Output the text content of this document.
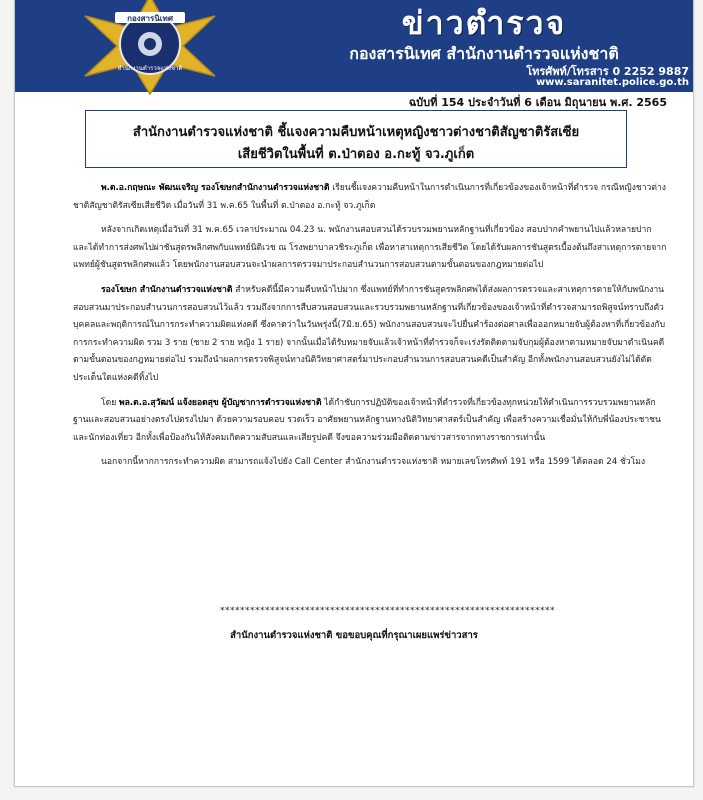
กองสารนิเทศ
สำนักงานตำรวจแห่งชาติ
ข่าวตำรวจ
กองสารนิเทศ สำนักงานตำรวจแห่งชาติ
โทรศัพท์/โทรสาร 0 2252 9887
www.saranitet.police.go.th
ฉบับที่ 154 ประจำวันที่ 6 เดือน มิถุนายน พ.ศ. 2565
สำนักงานตำรวจแห่งชาติ ชี้แจงความคืบหน้าเหตุหญิงชาวต่างชาติสัญชาติรัสเซีย
เสียชีวิตในพื้นที่ ต.ป่าตอง อ.กะทู้ จว.ภูเก็ต

พ.ต.อ.กฤษณะ พัฒนเจริญ รองโฆษกสำนักงานตำรวจแห่งชาติ เรียนชี้แจงความคืบหน้าในการดำเนินการที่เกี่ยวข้องของเจ้าหน้าที่ตำรวจ กรณีหญิงชาวต่างชาติสัญชาติรัสเซียเสียชีวิต เมื่อวันที่ 31 พ.ค.65 ในพื้นที่ ต.ป่าตอง อ.กะทู้ จว.ภูเก็ต

หลังจากเกิดเหตุเมื่อวันที่ 31 พ.ค.65 เวลาประมาณ 04.23 น. พนักงานสอบสวนได้รวบรวมพยานหลักฐานที่เกี่ยวข้อง สอบปากคำพยานไปแล้วหลายปาก และได้ทำการส่งศพไปผ่าชันสูตรพลิกศพกับแพทย์นิติเวช ณ โรงพยาบาลวชิระภูเก็ต เพื่อหาสาเหตุการเสียชีวิต โดยได้รับผลการชันสูตรเบื้องต้นถึงสาเหตุการตายจากแพทย์ผู้ชันสูตรพลิกศพแล้ว โดยพนักงานสอบสวนจะนำผลการตรวจมาประกอบสำนวนการสอบสวนตามขั้นตอนของกฎหมายต่อไป

รองโฆษก สำนักงานตำรวจแห่งชาติ สำหรับคดีนี้มีความคืบหน้าไปมาก ซึ่งแพทย์ที่ทำการชันสูตรพลิกศพได้ส่งผลการตรวจและสาเหตุการตายให้กับพนักงานสอบสวนมาประกอบสำนวนการสอบสวนไว้แล้ว รวมถึงจากการสืบสวนสอบสวนและรวบรวมพยานหลักฐานที่เกี่ยวข้องของเจ้าหน้าที่ตำรวจสามารถพิสูจน์ทราบถึงตัวบุคคลและพฤติการณ์ในการกระทำความผิดแห่งคดี ซึ่งคาดว่าในวันพรุ่งนี้(7มิ.ย.65) พนักงานสอบสวนจะไปยื่นคำร้องต่อศาลเพื่อออกหมายจับผู้ต้องหาที่เกี่ยวข้องกับการกระทำความผิด รวม 3 ราย (ชาย 2 ราย หญิง 1 ราย) จากนั้นเมื่อได้รับหมายจับแล้วเจ้าหน้าที่ตำรวจก็จะเร่งรัดติดตามจับกุมผู้ต้องหาตามหมายจับมาดำเนินคดีตามขั้นตอนของกฎหมายต่อไป รวมถึงนำผลการตรวจพิสูจน์ทางนิติวิทยาศาสตร์มาประกอบสำนวนการสอบสวนคดีเป็นสำคัญ อีกทั้งพนักงานสอบสวนยังไม่ได้ตัดประเด็นใดแห่งคดีทิ้งไป

โดย พล.ต.อ.สุวัฒน์ แจ้งยอดสุข ผู้บัญชาการตำรวจแห่งชาติ ได้กำชับการปฏิบัติของเจ้าหน้าที่ตำรวจที่เกี่ยวข้องทุกหน่วยให้ดำเนินการรวบรวมพยานหลักฐานและสอบสวนอย่างตรงไปตรงไปมา ด้วยความรอบคอบ รวดเร็ว อาศัยพยานหลักฐานทางนิติวิทยาศาสตร์เป็นสำคัญ เพื่อสร้างความเชื่อมั่นให้กับพี่น้องประชาชนและนักท่องเที่ยว อีกทั้งเพื่อป้องกันให้สังคมเกิดความสับสนและเสียรูปคดี จึงขอความร่วมมือติดตามข่าวสารจากทางราชการเท่านั้น

นอกจากนี้หากการกระทำความผิด สามารถแจ้งไปยัง Call Center สำนักงานตำรวจแห่งชาติ หมายเลขโทรศัพท์ 191 หรือ 1599 ได้ตลอด 24 ชั่วโมง

*******************************************************************
สำนักงานตำรวจแห่งชาติ ขอขอบคุณที่กรุณาเผยแพร่ข่าวสาร
